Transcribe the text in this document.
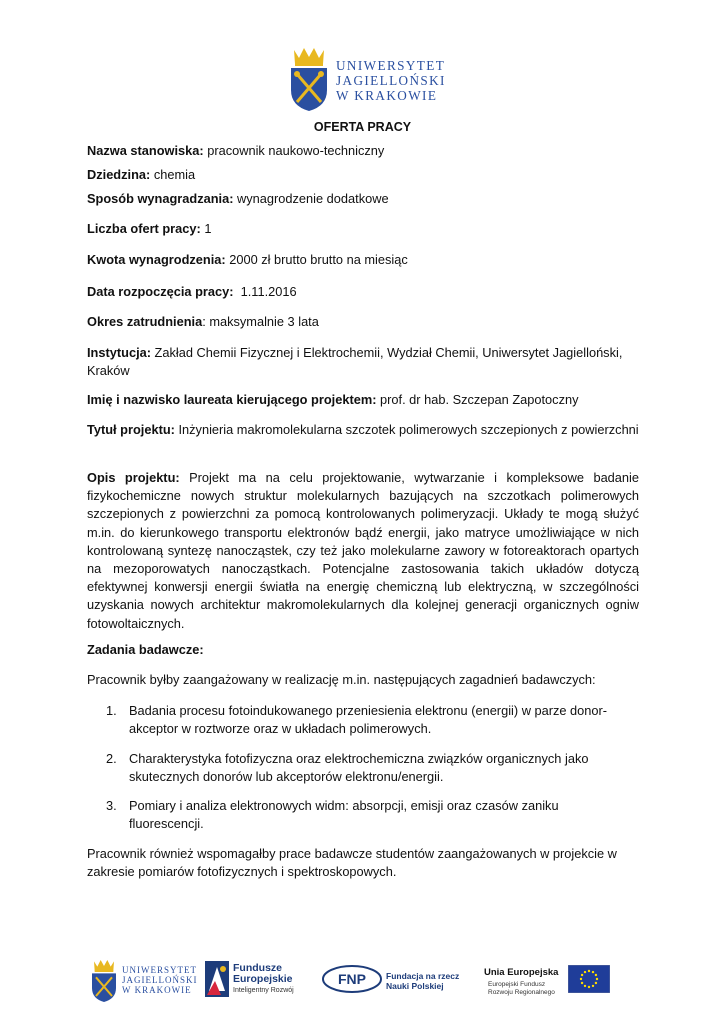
UNIWERSYTET
JAGIELLOŃSKI
W KRAKOWIE
OFERTA PRACY
Nazwa stanowiska: pracownik naukowo-techniczny
Dziedzina: chemia
Sposób wynagradzania: wynagrodzenie dodatkowe
Liczba ofert pracy: 1
Kwota wynagrodzenia: 2000 zł brutto brutto na miesiąc
Data rozpoczęcia pracy:  1.11.2016
Okres zatrudnienia: maksymalnie 3 lata
Instytucja: Zakład Chemii Fizycznej i Elektrochemii, Wydział Chemii, Uniwersytet Jagielloński, Kraków
Imię i nazwisko laureata kierującego projektem: prof. dr hab. Szczepan Zapotoczny
Tytuł projektu: Inżynieria makromolekularna szczotek polimerowych szczepionych z powierzchni
Opis projektu: Projekt ma na celu projektowanie, wytwarzanie i kompleksowe badanie fizykochemiczne nowych struktur molekularnych bazujących na szczotkach polimerowych szczepionych z powierzchni za pomocą kontrolowanych polimeryzacji. Układy te mogą służyć m.in. do kierunkowego transportu elektronów bądź energii, jako matryce umożliwiające w nich kontrolowaną syntezę nanocząstek, czy też jako molekularne zawory w fotoreaktorach opartych na mezoporowatych nanocząstkach. Potencjalne zastosowania takich układów dotyczą efektywnej konwersji energii światła na energię chemiczną lub elektryczną, w szczególności uzyskania nowych architektur makromolekularnych dla kolejnej generacji organicznych ogniw fotowoltaicznych.
Zadania badawcze:
Pracownik byłby zaangażowany w realizację m.in. następujących zagadnień badawczych:
1. Badania procesu fotoindukowanego przeniesienia elektronu (energii) w parze donor-akceptor w roztworze oraz w układach polimerowych.
2. Charakterystyka fotofizyczna oraz elektrochemiczna związków organicznych jako skutecznych donorów lub akceptorów elektronu/energii.
3. Pomiary i analiza elektronowych widm: absorpcji, emisji oraz czasów zaniku fluorescencji.
Pracownik również wspomagałby prace badawcze studentów zaangażowanych w projekcie w zakresie pomiarów fotofizycznych i spektroskopowych.
UNIWERSYTET
JAGIELLOŃSKI
W KRAKOWIE
Fundusze
Europejskie
Inteligentny Rozwój
FNP Fundacja na rzecz
Nauki Polskiej
Unia Europejska
Europejski Fundusz
Rozwoju Regionalnego
